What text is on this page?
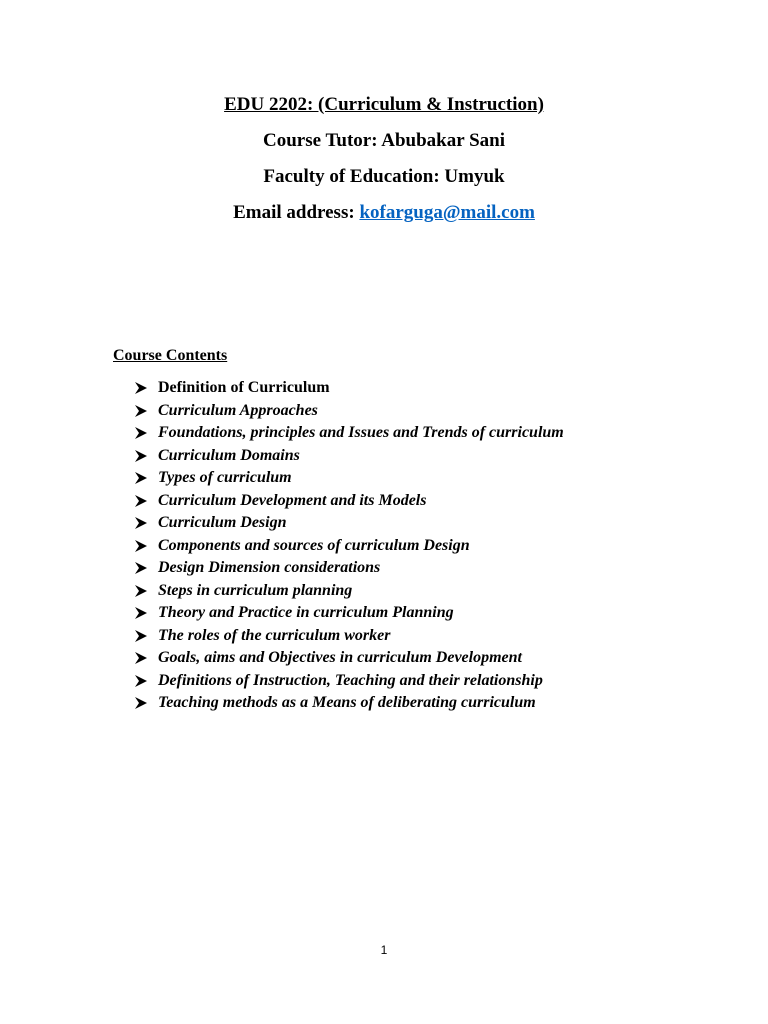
EDU 2202: (Curriculum & Instruction)
Course Tutor: Abubakar Sani
Faculty of Education: Umyuk
Email address: kofarguga@mail.com
Course Contents
Definition of Curriculum
Curriculum Approaches
Foundations, principles and Issues and Trends of curriculum
Curriculum Domains
Types of curriculum
Curriculum Development and its Models
Curriculum Design
Components and sources of curriculum Design
Design Dimension considerations
Steps in curriculum planning
Theory and Practice in curriculum Planning
The roles of the curriculum worker
Goals, aims and Objectives in curriculum Development
Definitions of Instruction, Teaching and their relationship
Teaching methods as a Means of deliberating curriculum
1
